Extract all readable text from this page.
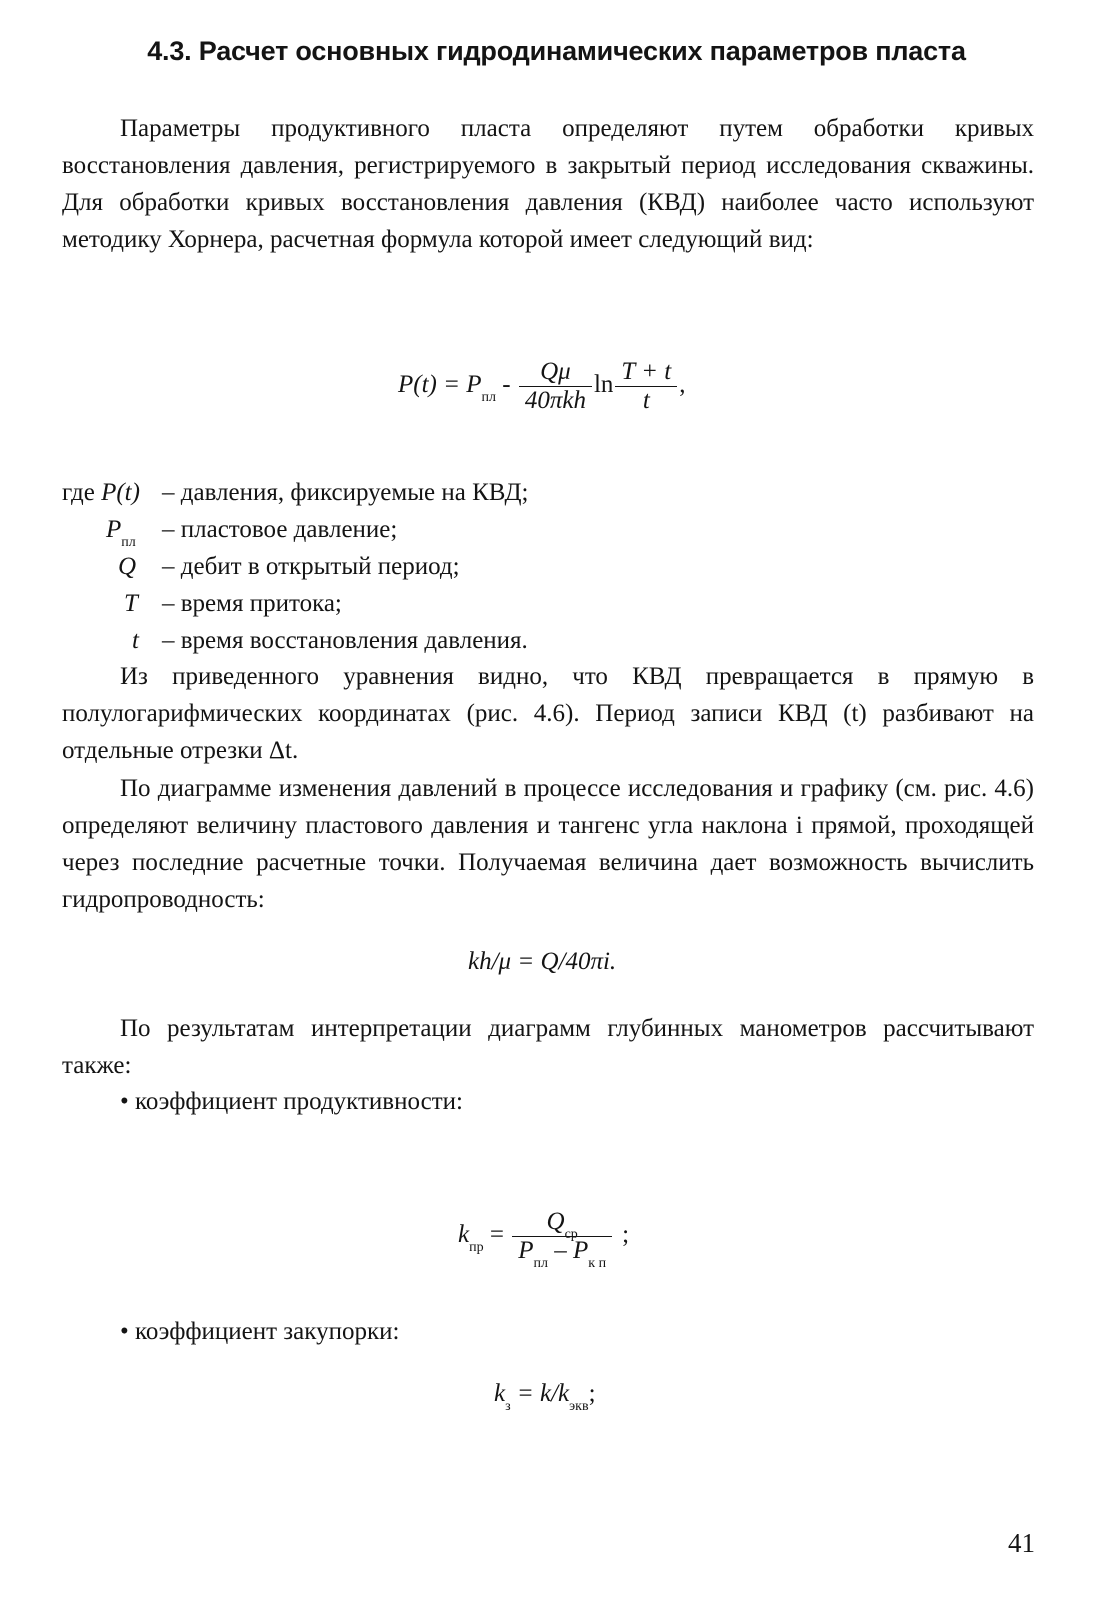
4.3. Расчет основных гидродинамических параметров пласта

Параметры продуктивного пласта определяют путем обработки кривых восстановления давления, регистрируемого в закрытый период исследования скважины. Для обработки кривых восстановления давления (КВД) наиболее часто используют методику Хорнера, расчетная формула которой имеет следующий вид:

$P(t) = P_{пл} - \frac{Q\mu}{\text{40πkh}}$ $\ln \frac{T + t}{t}$ ,
где P(t) – давления, фиксируемые на КВД;
$P_{пл}$ – пластовое давление;
Q – дебит в открытый период;
T – время притока;
t – время восстановления давления.

Из приведенного уравнения видно, что КВД превращается в прямую в полулогарифмических координатах (рис. 4.6). Период записи КВД (t) разбивают на отдельные отрезки Δt.

По диаграмме изменения давлений в процессе исследования и графику (см. рис. 4.6) определяют величину пластового давления и тангенс угла наклона i прямой, проходящей через последние расчетные точки. Получаемая величина дает возможность вычислить гидропроводность:

kh/μ = Q/40πi.

По результатам интерпретации диаграмм глубинных манометров рассчитывают также:

• коэффициент продуктивности:
$k_{пр} = \frac{Q_{ср}}{P_{пл} - P_{к п}}$ ;
• коэффициент закупорки:
$k_з = k/k_{экв}$;
41
